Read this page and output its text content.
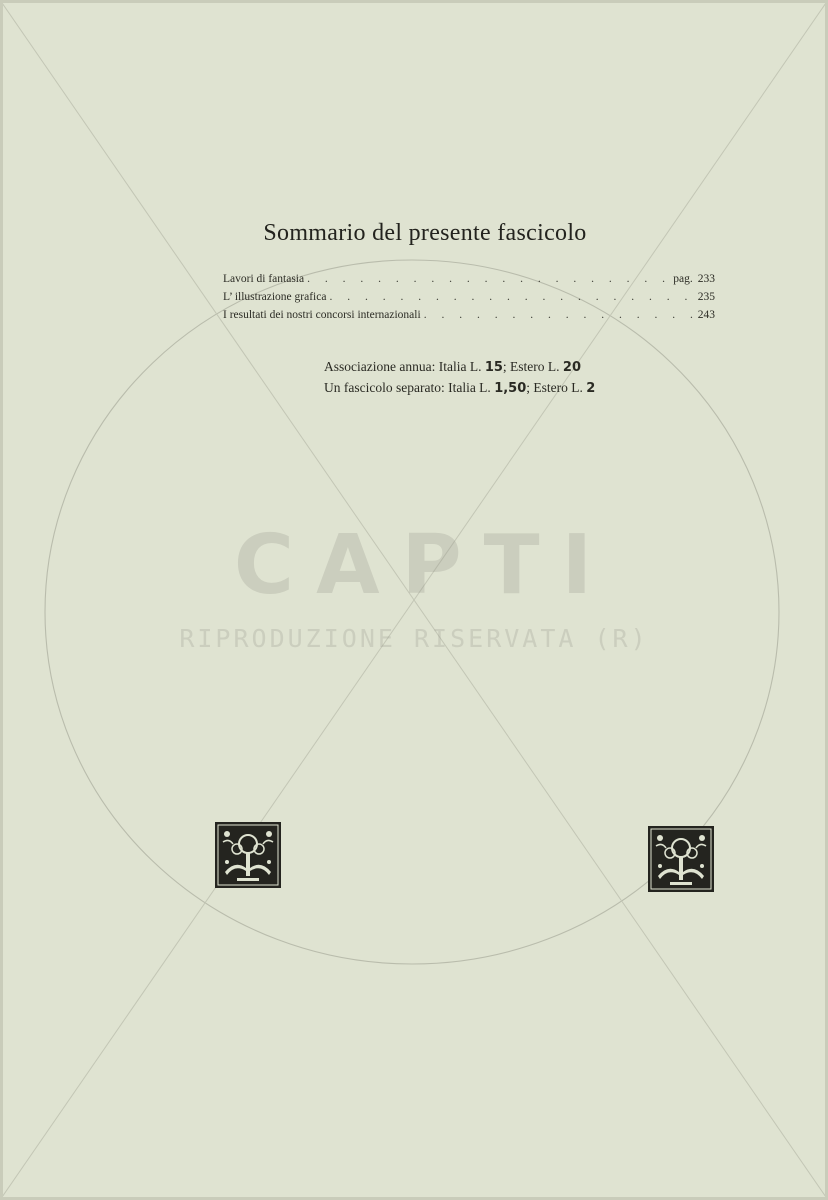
CAPTI
RIPRODUZIONE RISERVATA (R)
Sommario del presente fascicolo
Lavori di fantasia . . .	pag. 233
L’ illustrazione grafica . . .	235
I resultati dei nostri concorsi internazionali . . .	243
Associazione annua: Italia L. 15; Estero L. 20
Un fascicolo separato: Italia L. 1,50; Estero L. 2
